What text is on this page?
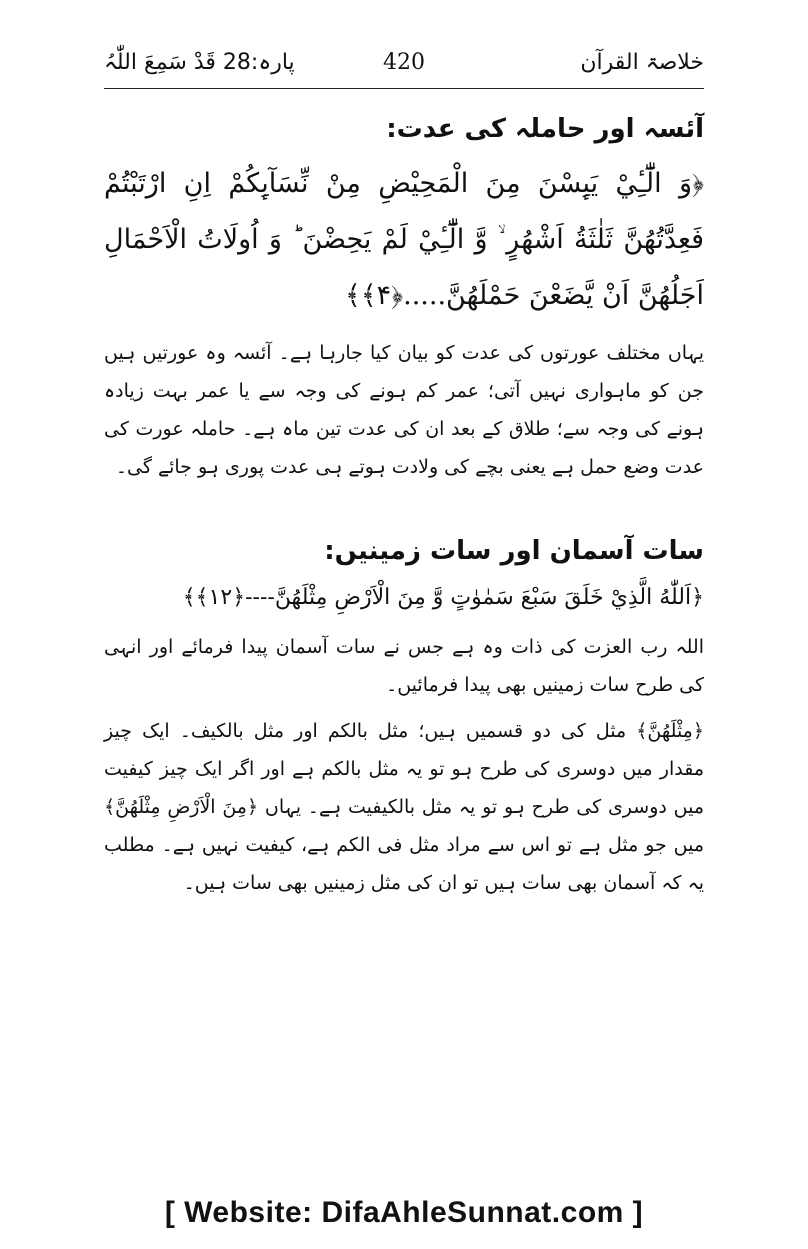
خلاصۃ القرآن
420
پارہ:28 قَدْ سَمِعَ اللّٰہُ
آئسہ اور حاملہ کی عدت:

﴿وَ الّٰٓـِٔيْ يَىِٕسْنَ مِنَ الْمَحِيْضِ مِنْ نِّسَآىِٕكُمْ اِنِ ارْتَبْتُمْ فَعِدَّتُهُنَّ ثَلٰثَةُ اَشْهُرٍ ۙ وَّ الّٰٓـِٔيْ لَمْ يَحِضْنَ ؕ وَ اُولَاتُ الْاَحْمَالِ اَجَلُهُنَّ اَنْ يَّضَعْنَ حَمْلَهُنَّ.....﴿۴﴾﴾

یہاں مختلف عورتوں کی عدت کو بیان کیا جارہا ہے۔ آئسہ وہ عورتیں ہیں جن کو ماہواری نہیں آتی؛ عمر کم ہونے کی وجہ سے یا عمر بہت زیادہ ہونے کی وجہ سے؛ طلاق کے بعد ان کی عدت تین ماہ ہے۔ حاملہ عورت کی عدت وضع حمل ہے یعنی بچے کی ولادت ہوتے ہی عدت پوری ہو جائے گی۔

سات آسمان اور سات زمینیں:

﴿اَللّٰهُ الَّذِيْ خَلَقَ سَبْعَ سَمٰوٰتٍ وَّ مِنَ الْاَرْضِ مِثْلَهُنَّ----﴿۱۲﴾﴾

اللہ رب العزت کی ذات وہ ہے جس نے سات آسمان پیدا فرمائے اور انہی کی طرح سات زمینیں بھی پیدا فرمائیں۔

﴿مِثْلَهُنَّ﴾ مثل کی دو قسمیں ہیں؛ مثل بالکم اور مثل بالکیف۔ ایک چیز مقدار میں دوسری کی طرح ہو تو یہ مثل بالکم ہے اور اگر ایک چیز کیفیت میں دوسری کی طرح ہو تو یہ مثل بالکیفیت ہے۔ یہاں ﴿مِنَ الْاَرْضِ مِثْلَهُنَّ﴾ میں جو مثل ہے تو اس سے مراد مثل فی الکم ہے، کیفیت نہیں ہے۔ مطلب یہ کہ آسمان بھی سات ہیں تو ان کی مثل زمینیں بھی سات ہیں۔

[ Website: DifaAhleSunnat.com ]
